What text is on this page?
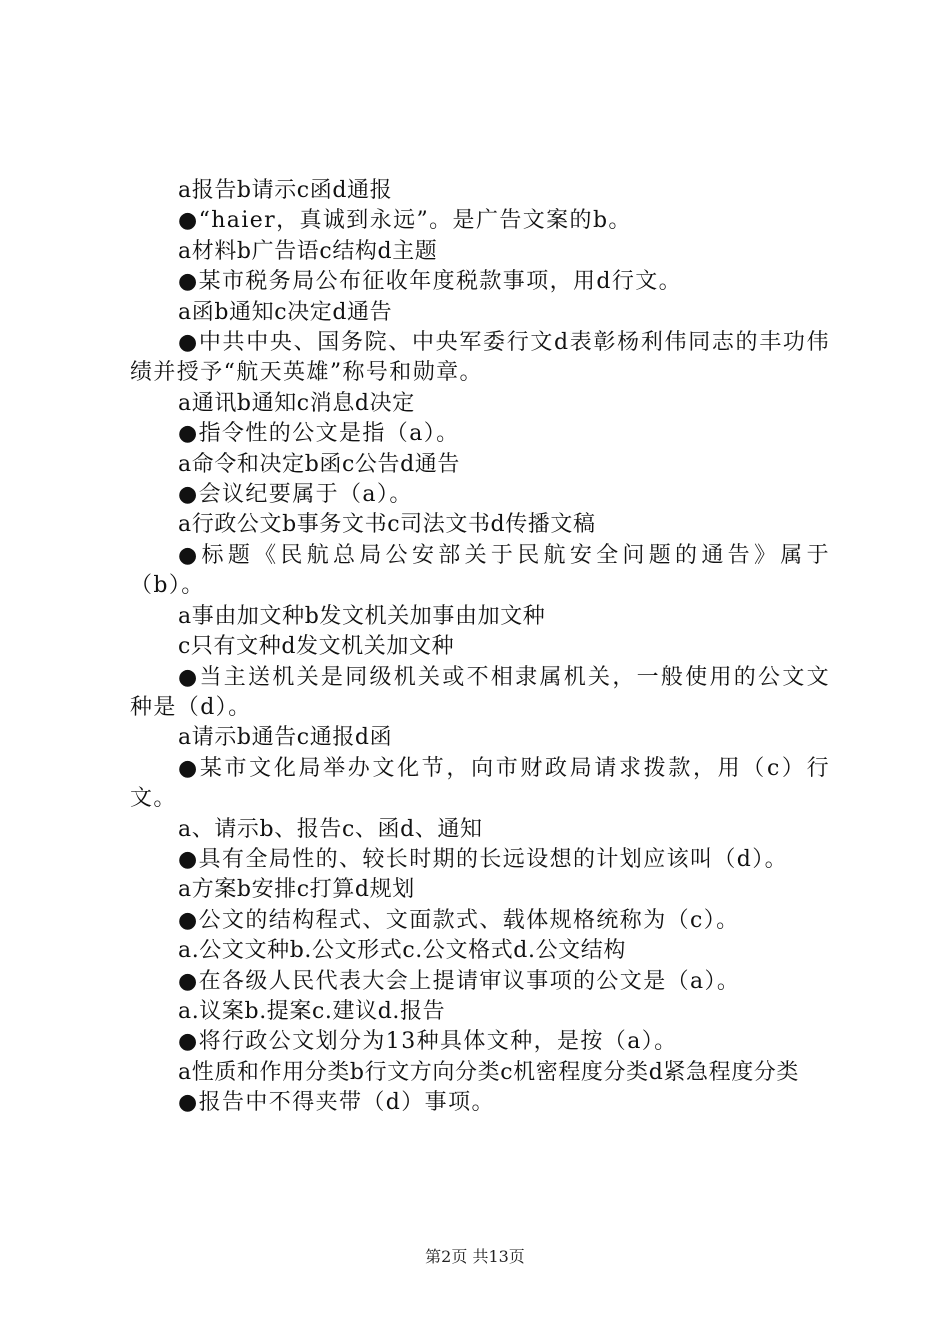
a报告b请示c函d通报

●“haier，真诚到永远”。是广告文案的b。

a材料b广告语c结构d主题

●某市税务局公布征收年度税款事项，用d行文。

a函b通知c决定d通告

●中共中央、国务院、中央军委行文d表彰杨利伟同志的丰功伟绩并授予“航天英雄”称号和勋章。

a通讯b通知c消息d决定

●指令性的公文是指（a）。

a命令和决定b函c公告d通告

●会议纪要属于（a）。

a行政公文b事务文书c司法文书d传播文稿

●标题《民航总局公安部关于民航安全问题的通告》属于（b）。

a事由加文种b发文机关加事由加文种

c只有文种d发文机关加文种

●当主送机关是同级机关或不相隶属机关，一般使用的公文文种是（d）。

a请示b通告c通报d函

●某市文化局举办文化节，向市财政局请求拨款，用（c）行文。

a、请示b、报告c、函d、通知

●具有全局性的、较长时期的长远设想的计划应该叫（d）。

a方案b安排c打算d规划

●公文的结构程式、文面款式、载体规格统称为（c）。

a.公文文种b.公文形式c.公文格式d.公文结构

●在各级人民代表大会上提请审议事项的公文是（a）。

a.议案b.提案c.建议d.报告

●将行政公文划分为13种具体文种，是按（a）。

a性质和作用分类b行文方向分类c机密程度分类d紧急程度分类

●报告中不得夹带（d）事项。

第2页 共13页
